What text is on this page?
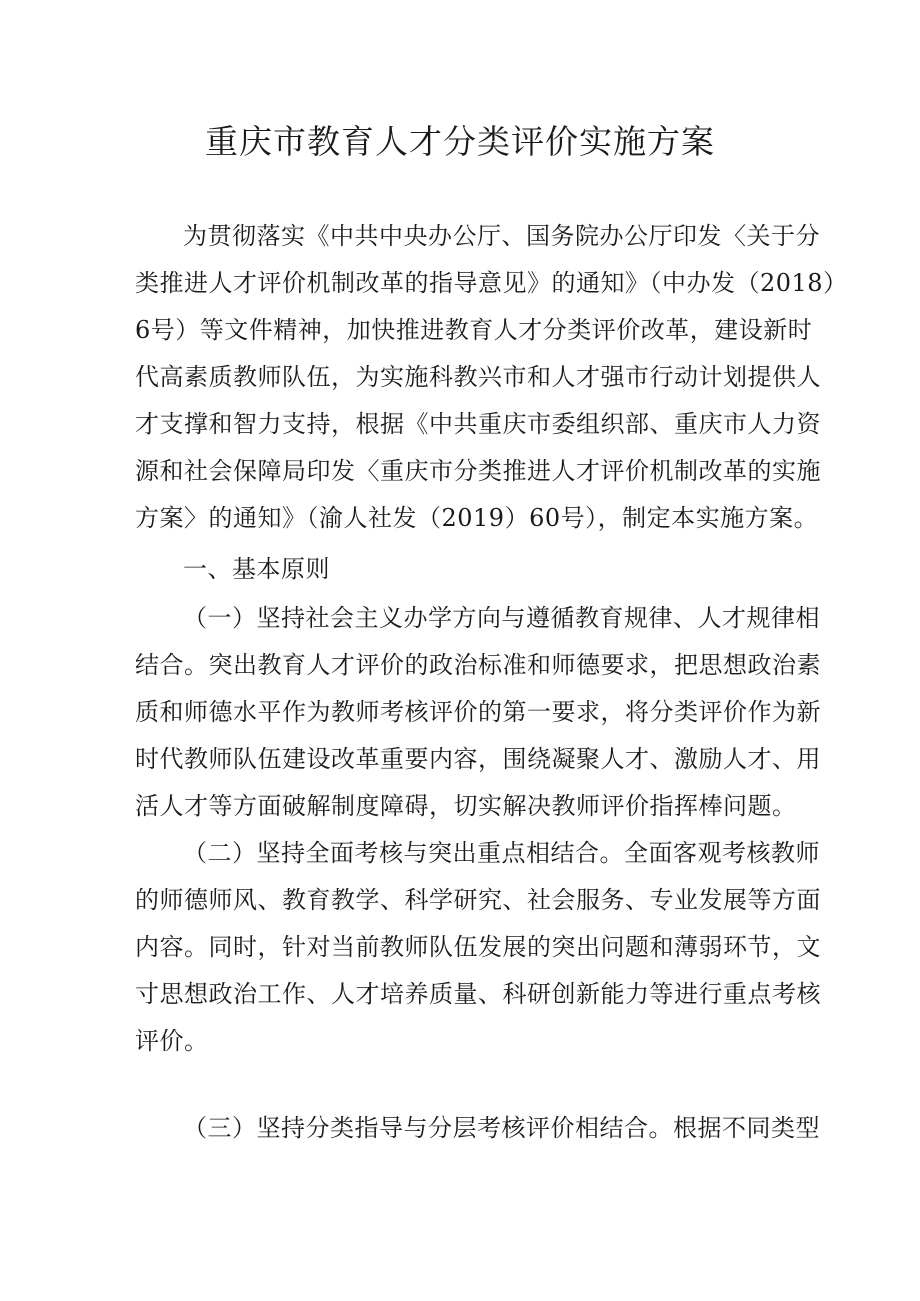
重庆市教育人才分类评价实施方案

为贯彻落实《中共中央办公厅、国务院办公厅印发〈关于分

类推进人才评价机制改革的指导意见》的通知》（中办发（2018）

6号）等文件精神，加快推进教育人才分类评价改革，建设新时

代高素质教师队伍，为实施科教兴市和人才强市行动计划提供人

才支撑和智力支持，根据《中共重庆市委组织部、重庆市人力资

源和社会保障局印发〈重庆市分类推进人才评价机制改革的实施

方案〉的通知》（渝人社发（2019）60号），制定本实施方案。

一、基本原则

（一）坚持社会主义办学方向与遵循教育规律、人才规律相

结合。突出教育人才评价的政治标准和师德要求，把思想政治素

质和师德水平作为教师考核评价的第一要求，将分类评价作为新

时代教师队伍建设改革重要内容，围绕凝聚人才、激励人才、用

活人才等方面破解制度障碍，切实解决教师评价指挥棒问题。

（二）坚持全面考核与突出重点相结合。全面客观考核教师

的师德师风、教育教学、科学研究、社会服务、专业发展等方面

内容。同时，针对当前教师队伍发展的突出问题和薄弱环节，文

寸思想政治工作、人才培养质量、科研创新能力等进行重点考核

评价。

（三）坚持分类指导与分层考核评价相结合。根据不同类型
